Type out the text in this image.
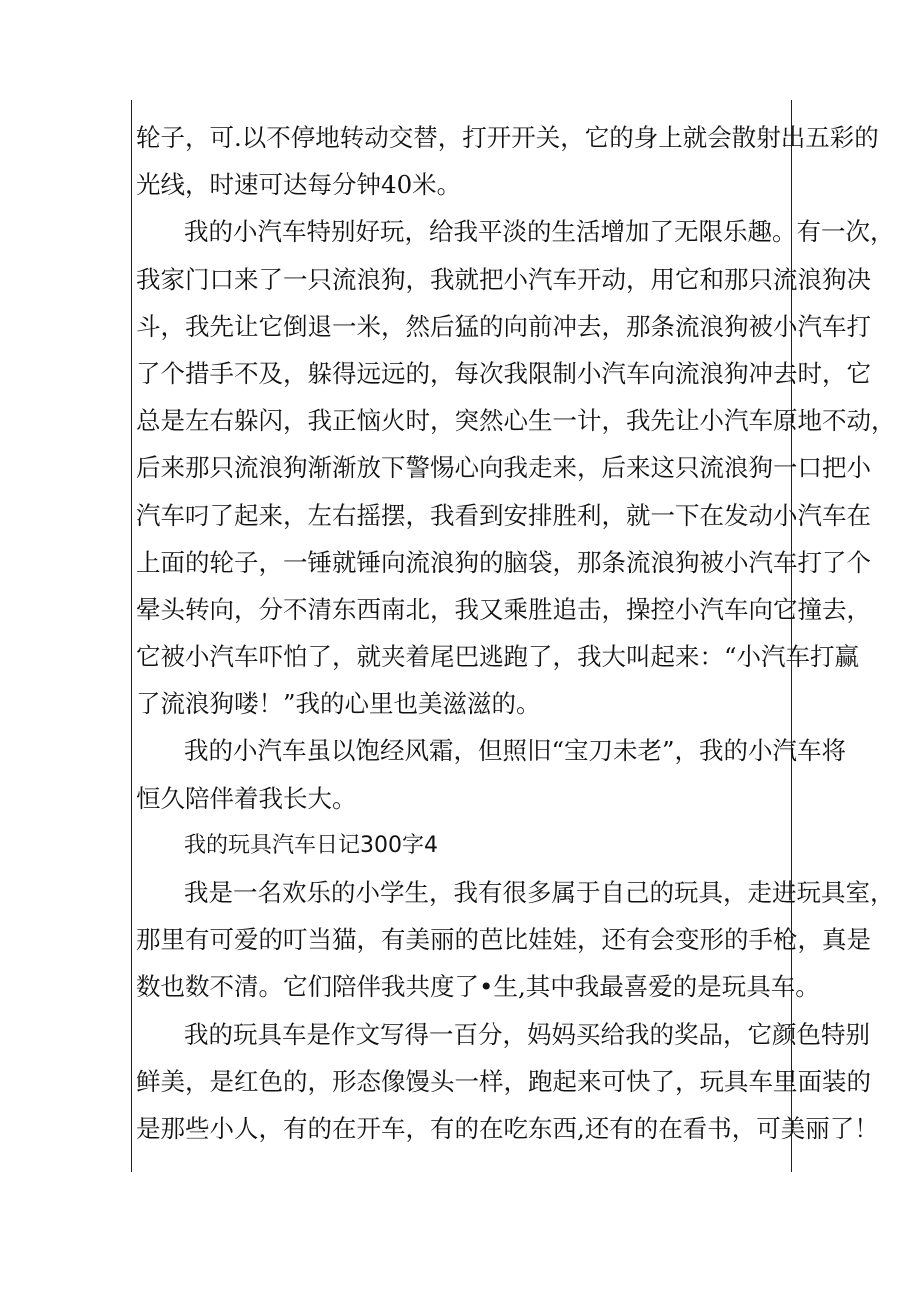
轮子，可.以不停地转动交替，打开开关，它的身上就会散射出五彩的
光线，时速可达每分钟40米。
我的小汽车特别好玩，给我平淡的生活增加了无限乐趣。有一次，
我家门口来了一只流浪狗，我就把小汽车开动，用它和那只流浪狗决
斗，我先让它倒退一米，然后猛的向前冲去，那条流浪狗被小汽车打
了个措手不及，躲得远远的，每次我限制小汽车向流浪狗冲去时，它
总是左右躲闪，我正恼火时，突然心生一计，我先让小汽车原地不动，
后来那只流浪狗渐渐放下警惕心向我走来，后来这只流浪狗一口把小
汽车叼了起来，左右摇摆，我看到安排胜利，就一下在发动小汽车在
上面的轮子，一锤就锤向流浪狗的脑袋，那条流浪狗被小汽车打了个
晕头转向，分不清东西南北，我又乘胜追击，操控小汽车向它撞去，
它被小汽车吓怕了，就夹着尾巴逃跑了，我大叫起来：“小汽车打赢
了流浪狗喽！”我的心里也美滋滋的。
我的小汽车虽以饱经风霜，但照旧“宝刀未老”，我的小汽车将
恒久陪伴着我长大。
我的玩具汽车日记300字4
我是一名欢乐的小学生，我有很多属于自己的玩具，走进玩具室，
那里有可爱的叮当猫，有美丽的芭比娃娃，还有会变形的手枪，真是
数也数不清。它们陪伴我共度了•生,其中我最喜爱的是玩具车。
我的玩具车是作文写得一百分，妈妈买给我的奖品，它颜色特别
鲜美，是红色的，形态像馒头一样，跑起来可快了，玩具车里面装的
是那些小人，有的在开车，有的在吃东西,还有的在看书，可美丽了！
